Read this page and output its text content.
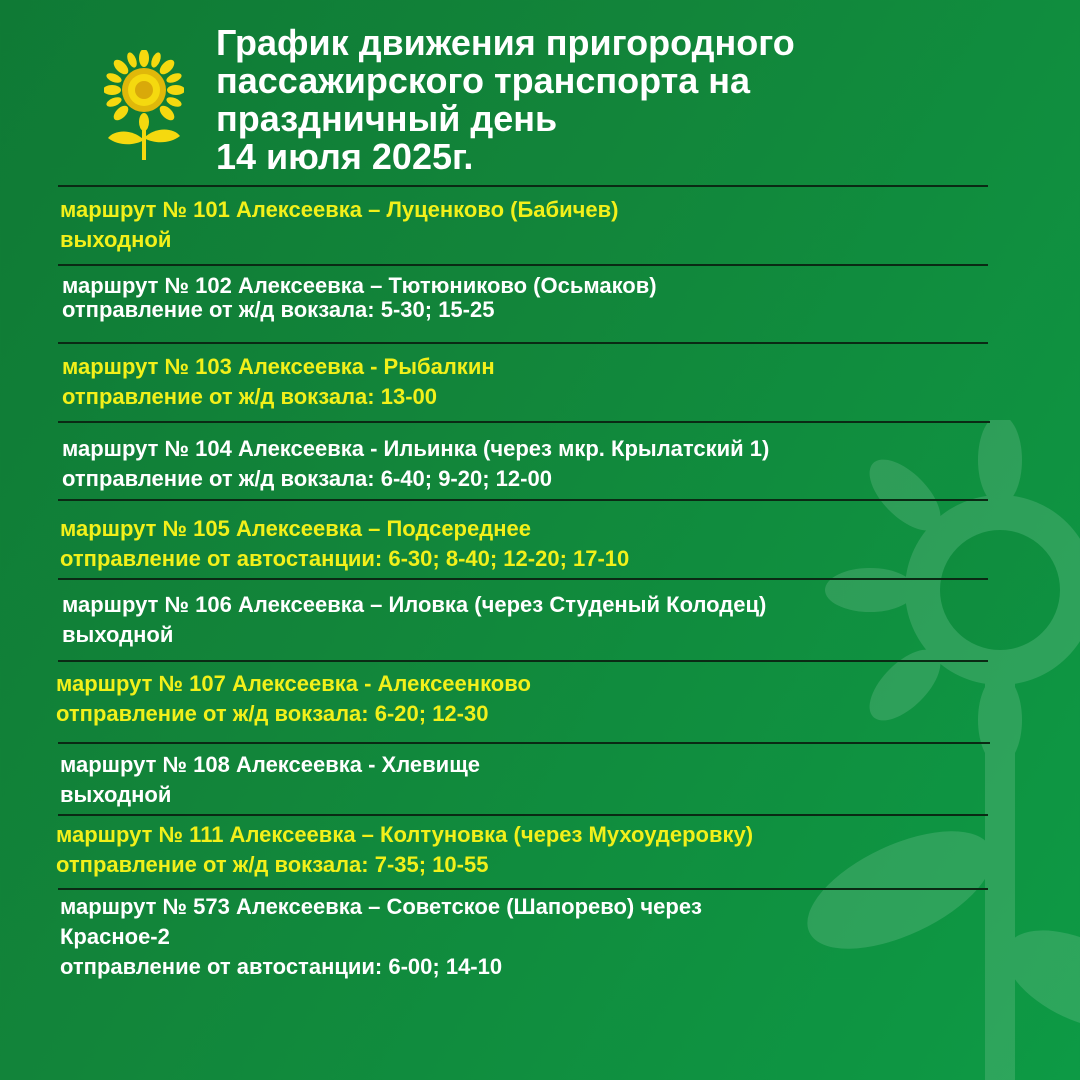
График движения пригородного
пассажирского транспорта на
праздничный день
14 июля 2025г.
маршрут № 101 Алексеевка – Луценково (Бабичев)
выходной
маршрут № 102 Алексеевка – Тютюниково (Осьмаков)
отправление от ж/д вокзала: 5-30; 15-25
маршрут № 103 Алексеевка - Рыбалкин
отправление от ж/д вокзала: 13-00
маршрут № 104 Алексеевка - Ильинка (через мкр. Крылатский 1)
отправление от ж/д вокзала: 6-40; 9-20; 12-00
маршрут № 105 Алексеевка – Подсереднее
отправление от автостанции: 6-30; 8-40; 12-20; 17-10
маршрут № 106 Алексеевка – Иловка (через Студеный Колодец)
выходной
маршрут № 107 Алексеевка - Алексеенково
отправление от ж/д вокзала: 6-20; 12-30
маршрут № 108 Алексеевка - Хлевище
выходной
маршрут № 111 Алексеевка – Колтуновка (через Мухоудеровку)
отправление от ж/д вокзала: 7-35; 10-55
маршрут № 573 Алексеевка – Советское (Шапорево) через
Красное-2
отправление от автостанции: 6-00; 14-10
